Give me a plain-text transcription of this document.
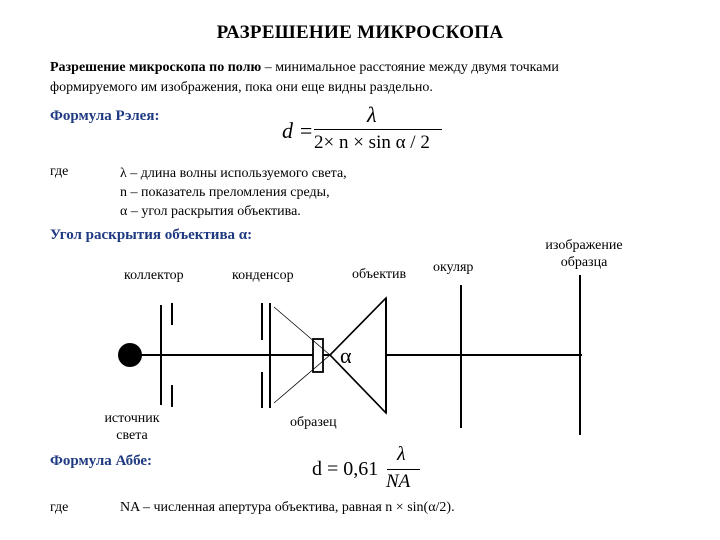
РАЗРЕШЕНИЕ МИКРОСКОПА
Разрешение микроскопа по полю – минимальное расстояние между двумя точками
формируемого им изображения, пока они еще видны раздельно.
Формула Рэлея:
d =
λ
2× n × sin α / 2
где	λ – длина волны используемого света,
n – показатель преломления среды,
α – угол раскрытия объектива.
Угол раскрытия объектива α:
коллектор	конденсор	объектив окуляр
изображение
образца
источник
света
образец
α
Формула Аббе:	d = 0,61
λ
NA
где	NA – численная апертура объектива, равная n × sin(α/2).
